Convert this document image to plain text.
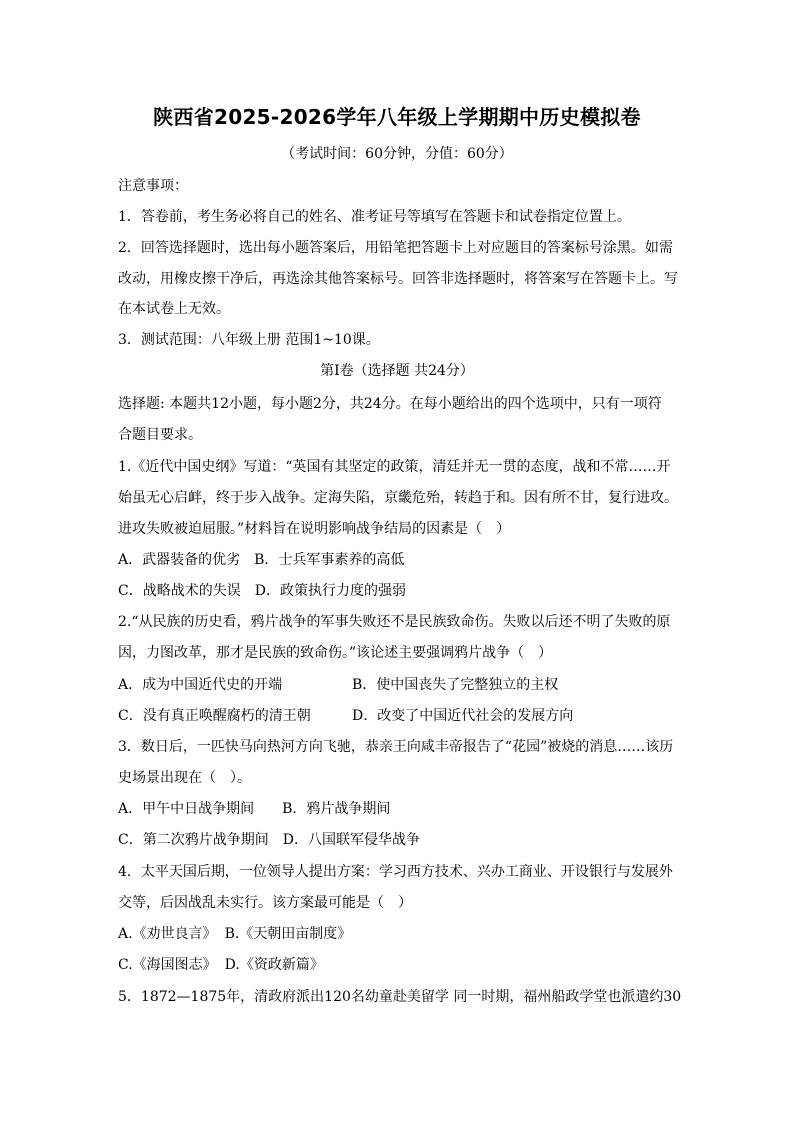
陕西省2025-2026学年八年级上学期期中历史模拟卷
（考试时间：60分钟，分值：60分）
注意事项：
1．答卷前，考生务必将自己的姓名、准考证号等填写在答题卡和试卷指定位置上。
2．回答选择题时，选出每小题答案后，用铅笔把答题卡上对应题目的答案标号涂黑。如需
改动，用橡皮擦干净后，再选涂其他答案标号。回答非选择题时，将答案写在答题卡上。写
在本试卷上无效。
3．测试范围：八年级上册 范围1~10课。
第I卷（选择题 共24分）
选择题: 本题共12小题，每小题2分，共24分。在每小题给出的四个选项中，只有一项符
合题目要求。
1.《近代中国史纲》写道：“英国有其坚定的政策，清廷并无一贯的态度，战和不常……开
始虽无心启衅，终于步入战争。定海失陷，京畿危殆，转趋于和。因有所不甘，复行进攻。
进攻失败被迫屈服。”材料旨在说明影响战争结局的因素是（　）
A．武器装备的优劣 B．士兵军事素养的高低
C．战略战术的失误 D．政策执行力度的强弱
2.“从民族的历史看，鸦片战争的军事失败还不是民族致命伤。失败以后还不明了失败的原
因，力图改革，那才是民族的致命伤。”该论述主要强调鸦片战争（　）
A．成为中国近代史的开端	B．使中国丧失了完整独立的主权
C．没有真正唤醒腐朽的清王朝	D．改变了中国近代社会的发展方向
3．数日后，一匹快马向热河方向飞驰，恭亲王向咸丰帝报告了“花园”被烧的消息……该历
史场景出现在（　）。
A．甲午中日战争期间 B．鸦片战争期间
C．第二次鸦片战争期间 D．八国联军侵华战争
4．太平天国后期，一位领导人提出方案：学习西方技术、兴办工商业、开设银行与发展外
交等，后因战乱未实行。该方案最可能是（　）
A.《劝世良言》 B.《天朝田亩制度》
C.《海国图志》 D.《资政新篇》
5．1872—1875年，清政府派出120名幼童赴美留学 同一时期，福州船政学堂也派遣约30
